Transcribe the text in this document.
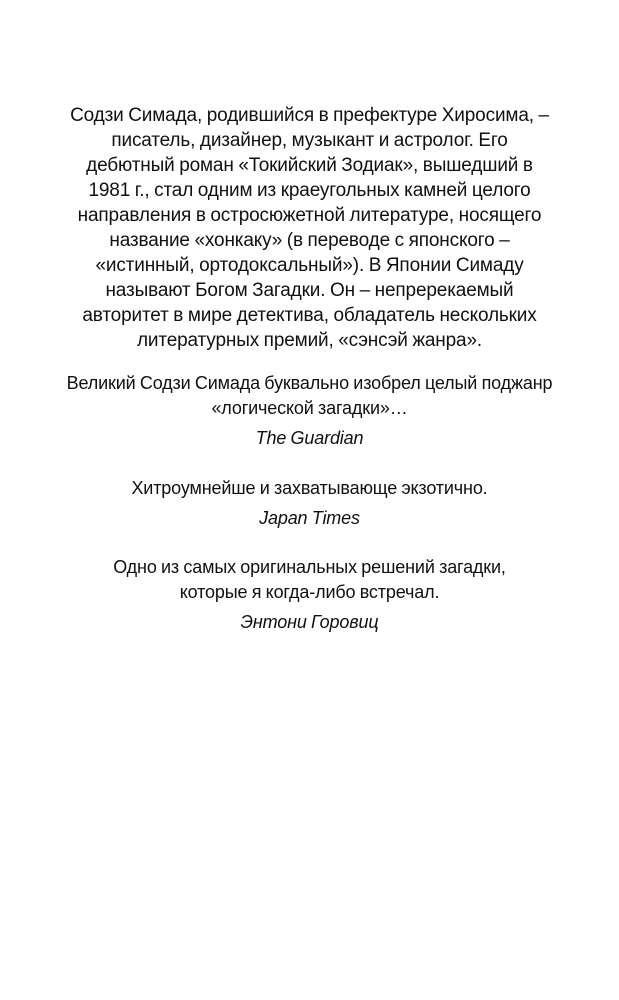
Содзи Симада, родившийся в префектуре Хиросима, –
писатель, дизайнер, музыкант и астролог. Его
дебютный роман «Токийский Зодиак», вышедший в
1981 г., стал одним из краеугольных камней целого
направления в остросюжетной литературе, носящего
название «хонкаку» (в переводе с японского –
«истинный, ортодоксальный»). В Японии Симаду
называют Богом Загадки. Он – непререкаемый
авторитет в мире детектива, обладатель нескольких
литературных премий, «сэнсэй жанра».

Великий Содзи Симада буквально изобрел целый поджанр
«логической загадки»…
The Guardian

Хитроумнейше и захватывающе экзотично.
Japan Times

Одно из самых оригинальных решений загадки,
которые я когда-либо встречал.
Энтони Горовиц
